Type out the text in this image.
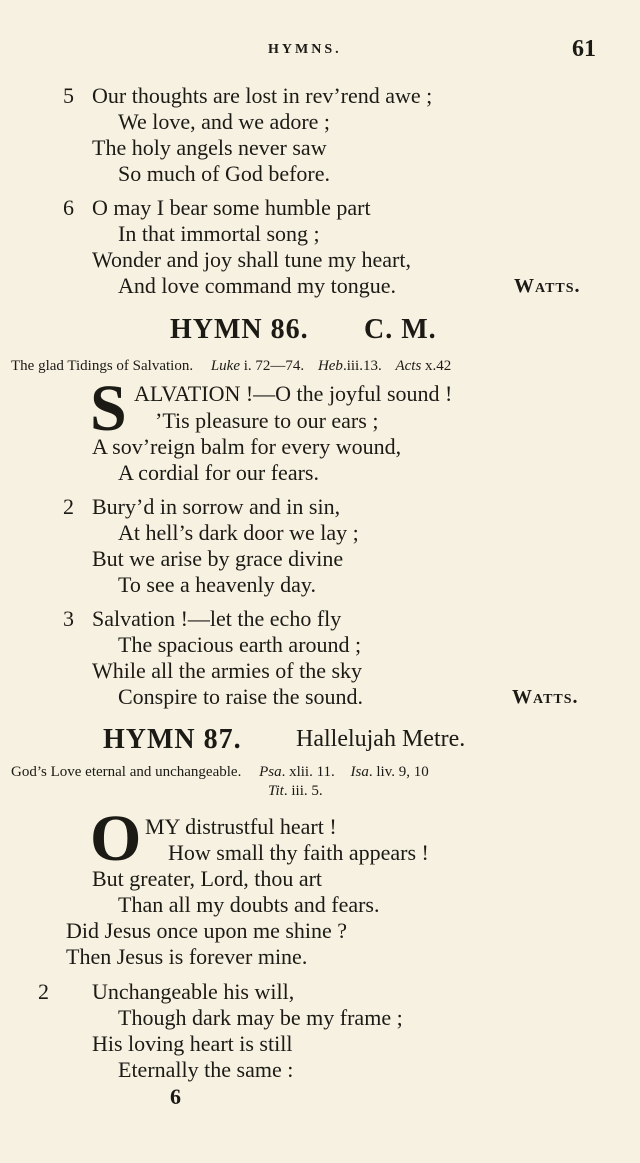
HYMNS.	61
5 Our thoughts are lost in rev’rend awe ;
We love, and we adore ;
The holy angels never saw
So much of God before.
6 O may I bear some humble part
In that immortal song ;
Wonder and joy shall tune my heart,
And love command my tongue.	Watts.
HYMN 86. C. M.
The glad Tidings of Salvation. Luke i. 72—74. Heb.iii.13. Acts x.42
S ALVATION !—O the joyful sound !
’Tis pleasure to our ears ;
A sov’reign balm for every wound,
A cordial for our fears.
2 Bury’d in sorrow and in sin,
At hell’s dark door we lay ;
But we arise by grace divine
To see a heavenly day.
3 Salvation !—let the echo fly
The spacious earth around ;
While all the armies of the sky
Conspire to raise the sound.	Watts.
HYMN 87. Hallelujah Metre.
God’s Love eternal and unchangeable. Psa. xlii. 11. Isa. liv. 9, 10
Tit. iii. 5.
O MY distrustful heart !
How small thy faith appears !
But greater, Lord, thou art
Than all my doubts and fears.
Did Jesus once upon me shine ?
Then Jesus is forever mine.
2 Unchangeable his will,
Though dark may be my frame ;
His loving heart is still
Eternally the same :
6
